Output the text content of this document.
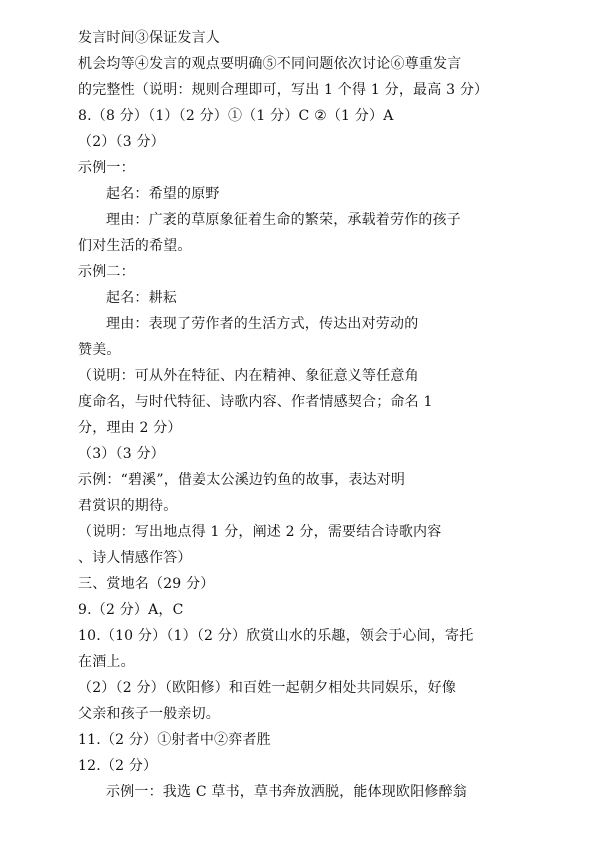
发言时间③保证发言人
机会均等④发言的观点要明确⑤不同问题依次讨论⑥尊重发言
的完整性（说明：规则合理即可，写出 1 个得 1 分，最高 3 分）
8.（8 分）（1）（2 分）①（1 分）C ②（1 分）A
（2）（3 分）
示例一：
起名：希望的原野
理由：广袤的草原象征着生命的繁荣，承载着劳作的孩子
们对生活的希望。
示例二：
起名：耕耘
理由：表现了劳作者的生活方式，传达出对劳动的
赞美。
（说明：可从外在特征、内在精神、象征意义等任意角
度命名，与时代特征、诗歌内容、作者情感契合；命名 1
分，理由 2 分）
（3）（3 分）
示例：“碧溪”，借姜太公溪边钓鱼的故事，表达对明
君赏识的期待。
（说明：写出地点得 1 分，阐述 2 分，需要结合诗歌内容
、诗人情感作答）
三、赏地名（29 分）
9.（2 分）A，C
10.（10 分）（1）（2 分）欣赏山水的乐趣，领会于心间，寄托
在酒上。
（2）（2 分）（欧阳修）和百姓一起朝夕相处共同娱乐，好像
父亲和孩子一般亲切。
11.（2 分）①射者中②弈者胜
12.（2 分）
示例一：我选 C 草书，草书奔放洒脱，能体现欧阳修醉翁
